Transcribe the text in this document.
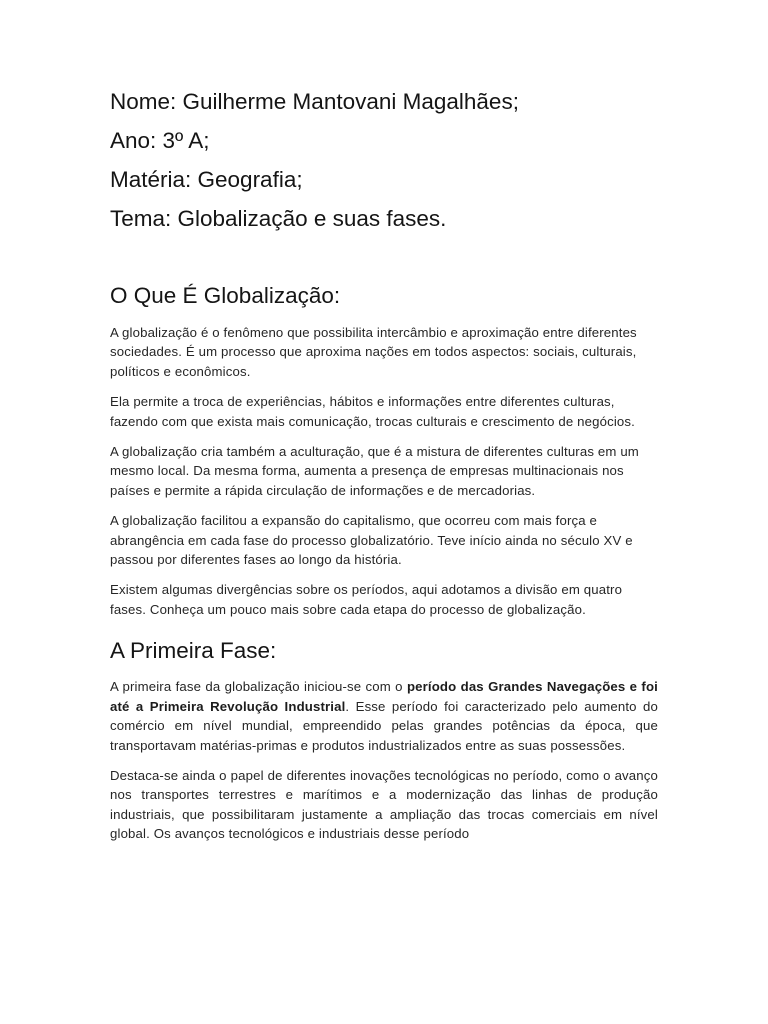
Nome: Guilherme Mantovani Magalhães;
Ano: 3º A;
Matéria: Geografia;
Tema: Globalização e suas fases.
O Que É Globalização:

A globalização é o fenômeno que possibilita intercâmbio e aproximação entre diferentes sociedades. É um processo que aproxima nações em todos aspectos: sociais, culturais, políticos e econômicos.

Ela permite a troca de experiências, hábitos e informações entre diferentes culturas, fazendo com que exista mais comunicação, trocas culturais e crescimento de negócios.

A globalização cria também a aculturação, que é a mistura de diferentes culturas em um mesmo local. Da mesma forma, aumenta a presença de empresas multinacionais nos países e permite a rápida circulação de informações e de mercadorias.

A globalização facilitou a expansão do capitalismo, que ocorreu com mais força e abrangência em cada fase do processo globalizatório. Teve início ainda no século XV e passou por diferentes fases ao longo da história.

Existem algumas divergências sobre os períodos, aqui adotamos a divisão em quatro fases. Conheça um pouco mais sobre cada etapa do processo de globalização.

A Primeira Fase:

A primeira fase da globalização iniciou-se com o período das Grandes Navegações e foi até a Primeira Revolução Industrial. Esse período foi caracterizado pelo aumento do comércio em nível mundial, empreendido pelas grandes potências da época, que transportavam matérias-primas e produtos industrializados entre as suas possessões.

Destaca-se ainda o papel de diferentes inovações tecnológicas no período, como o avanço nos transportes terrestres e marítimos e a modernização das linhas de produção industriais, que possibilitaram justamente a ampliação das trocas comerciais em nível global. Os avanços tecnológicos e industriais desse período
